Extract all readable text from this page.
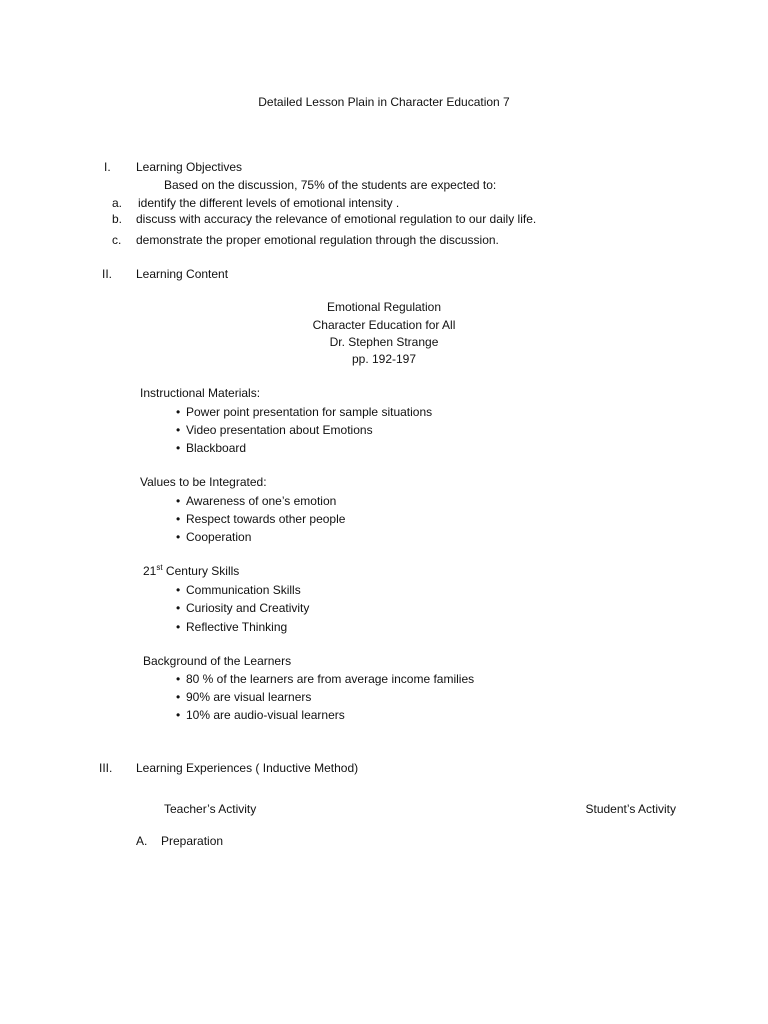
Detailed Lesson Plain in Character Education 7
I. Learning Objectives
Based on the discussion, 75% of the students are expected to:
a. identify the different levels of emotional intensity .
b. discuss with accuracy the relevance of emotional regulation to our daily life.
c. demonstrate the proper emotional regulation through the discussion.
II. Learning Content
Emotional Regulation
Character Education for All
Dr. Stephen Strange
pp. 192-197
Instructional Materials:
• Power point presentation for sample situations
• Video presentation about Emotions
• Blackboard
Values to be Integrated:
• Awareness of one’s emotion
• Respect towards other people
• Cooperation
21st Century Skills
• Communication Skills
• Curiosity and Creativity
• Reflective Thinking
Background of the Learners
• 80 % of the learners are from average income families
• 90% are visual learners
• 10% are audio-visual learners
III. Learning Experiences ( Inductive Method)
Teacher’s Activity	Student’s Activity
A. Preparation
